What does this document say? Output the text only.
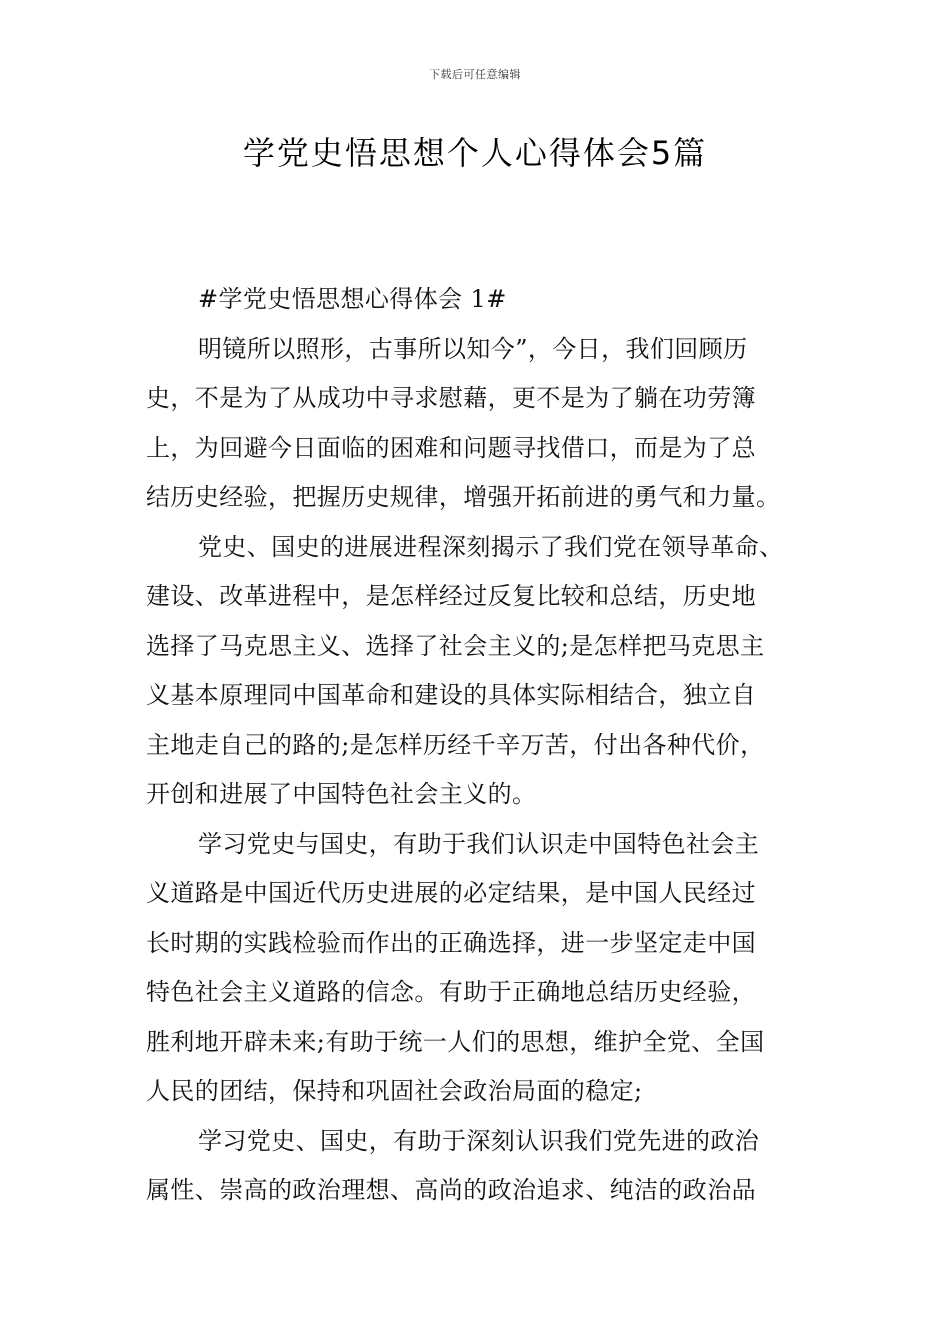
下载后可任意编辑
学党史悟思想个人心得体会5篇
#学党史悟思想心得体会 1#

明镜所以照形，古事所以知今”，今日，我们回顾历
史，不是为了从成功中寻求慰藉，更不是为了躺在功劳簿
上，为回避今日面临的困难和问题寻找借口，而是为了总
结历史经验，把握历史规律，增强开拓前进的勇气和力量。

党史、国史的进展进程深刻揭示了我们党在领导革命、
建设、改革进程中，是怎样经过反复比较和总结，历史地
选择了马克思主义、选择了社会主义的;是怎样把马克思主
义基本原理同中国革命和建设的具体实际相结合，独立自
主地走自己的路的;是怎样历经千辛万苦，付出各种代价，
开创和进展了中国特色社会主义的。

学习党史与国史，有助于我们认识走中国特色社会主
义道路是中国近代历史进展的必定结果，是中国人民经过
长时期的实践检验而作出的正确选择，进一步坚定走中国
特色社会主义道路的信念。有助于正确地总结历史经验，
胜利地开辟未来;有助于统一人们的思想，维护全党、全国
人民的团结，保持和巩固社会政治局面的稳定;

学习党史、国史，有助于深刻认识我们党先进的政治
属性、崇高的政治理想、高尚的政治追求、纯洁的政治品
